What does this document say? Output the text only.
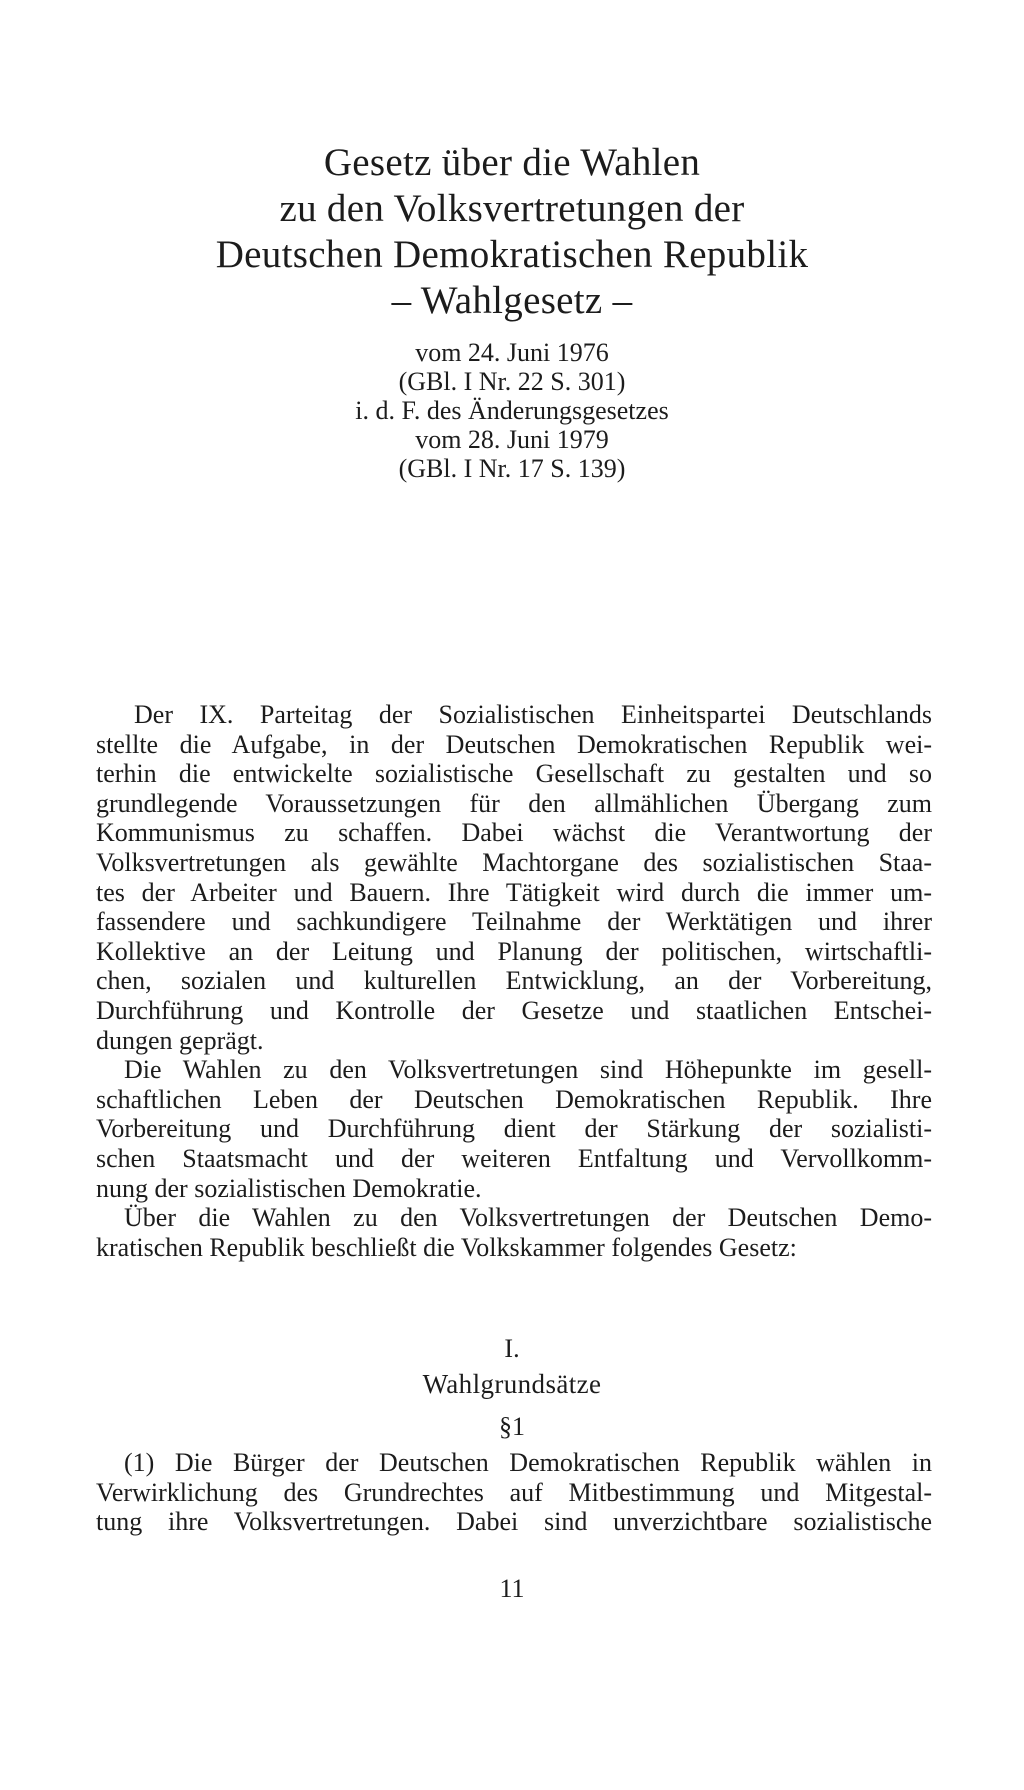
Gesetz über die Wahlen
zu den Volksvertretungen der
Deutschen Demokratischen Republik
– Wahlgesetz –
vom 24. Juni 1976
(GBl. I Nr. 22 S. 301)
i. d. F. des Änderungsgesetzes
vom 28. Juni 1979
(GBl. I Nr. 17 S. 139)
Der IX. Parteitag der Sozialistischen Einheitspartei Deutschlands
stellte die Aufgabe, in der Deutschen Demokratischen Republik wei-
terhin die entwickelte sozialistische Gesellschaft zu gestalten und so
grundlegende Voraussetzungen für den allmählichen Übergang zum
Kommunismus zu schaffen. Dabei wächst die Verantwortung der
Volksvertretungen als gewählte Machtorgane des sozialistischen Staa-
tes der Arbeiter und Bauern. Ihre Tätigkeit wird durch die immer um-
fassendere und sachkundigere Teilnahme der Werktätigen und ihrer
Kollektive an der Leitung und Planung der politischen, wirtschaftli-
chen, sozialen und kulturellen Entwicklung, an der Vorbereitung,
Durchführung und Kontrolle der Gesetze und staatlichen Entschei-
dungen geprägt.
Die Wahlen zu den Volksvertretungen sind Höhepunkte im gesell-
schaftlichen Leben der Deutschen Demokratischen Republik. Ihre
Vorbereitung und Durchführung dient der Stärkung der sozialisti-
schen Staatsmacht und der weiteren Entfaltung und Vervollkomm-
nung der sozialistischen Demokratie.
Über die Wahlen zu den Volksvertretungen der Deutschen Demo-
kratischen Republik beschließt die Volkskammer folgendes Gesetz:
I.
Wahlgrundsätze
§1
(1) Die Bürger der Deutschen Demokratischen Republik wählen in
Verwirklichung des Grundrechtes auf Mitbestimmung und Mitgestal-
tung ihre Volksvertretungen. Dabei sind unverzichtbare sozialistische
11
